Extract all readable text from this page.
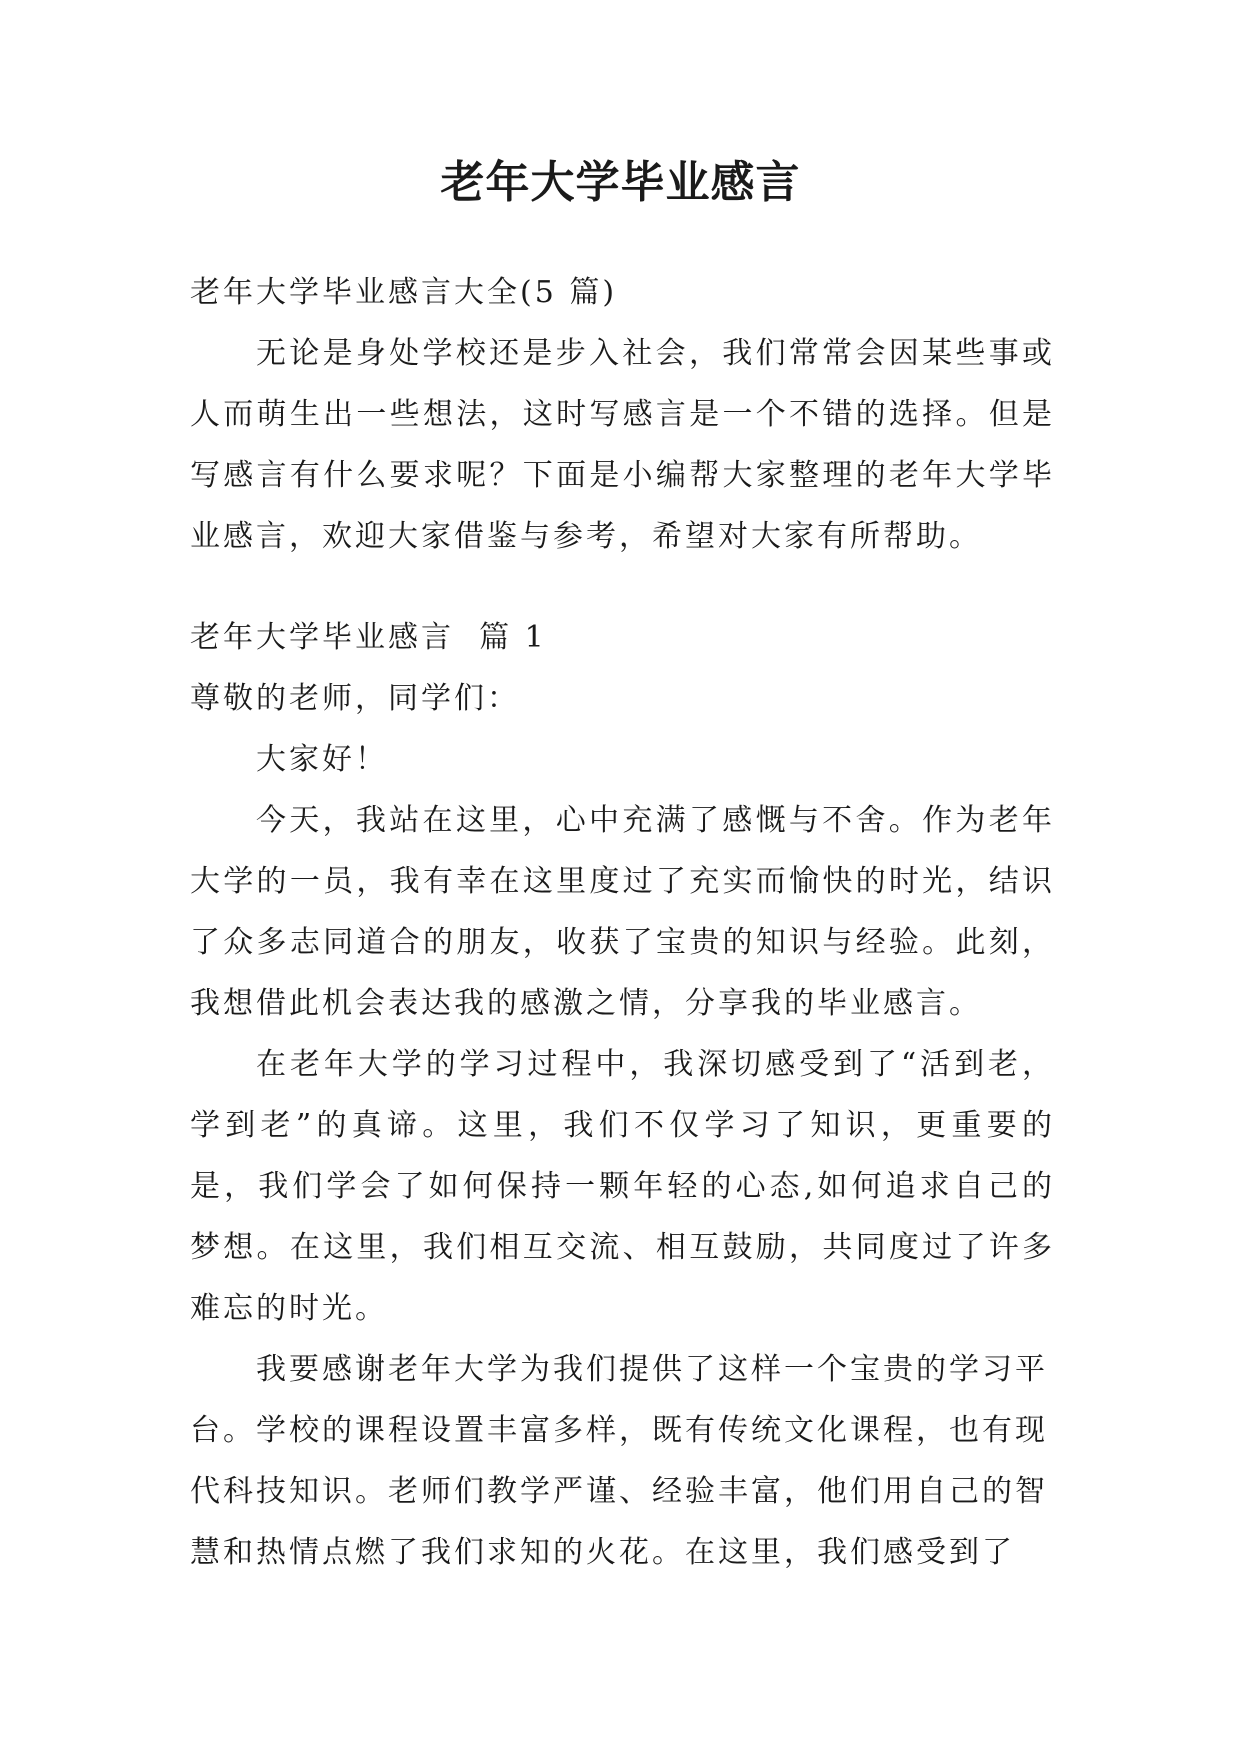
老年大学毕业感言

老年大学毕业感言大全(5 篇)

无论是身处学校还是步入社会，我们常常会因某些事或人而萌生出一些想法，这时写感言是一个不错的选择。但是写感言有什么要求呢？下面是小编帮大家整理的老年大学毕业感言，欢迎大家借鉴与参考，希望对大家有所帮助。

老年大学毕业感言  篇 1

尊敬的老师，同学们：

大家好！

今天，我站在这里，心中充满了感慨与不舍。作为老年大学的一员，我有幸在这里度过了充实而愉快的时光，结识了众多志同道合的朋友，收获了宝贵的知识与经验。此刻，我想借此机会表达我的感激之情，分享我的毕业感言。

在老年大学的学习过程中，我深切感受到了“活到老，学到老”的真谛。这里，我们不仅学习了知识，更重要的是，我们学会了如何保持一颗年轻的心态,如何追求自己的梦想。在这里，我们相互交流、相互鼓励，共同度过了许多难忘的时光。

我要感谢老年大学为我们提供了这样一个宝贵的学习平台。学校的课程设置丰富多样，既有传统文化课程，也有现代科技知识。老师们教学严谨、经验丰富，他们用自己的智慧和热情点燃了我们求知的火花。在这里，我们感受到了
